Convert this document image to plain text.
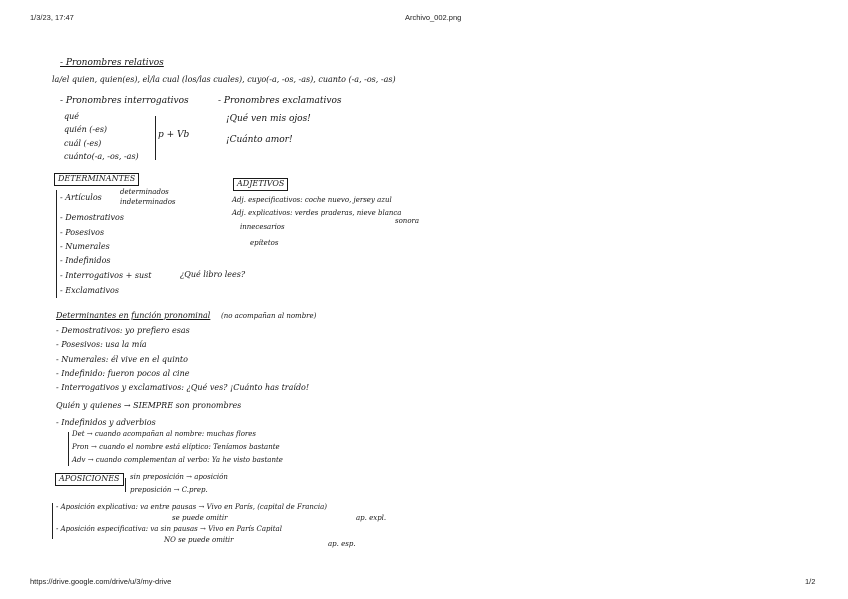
1/3/23, 17:47	Archivo_002.png
https://drive.google.com/drive/u/3/my-drive	1/2
- Pronombres relativos
la/el quien, quien(es), el/la cual (los/las cuales), cuyo(-a, -os, -as), cuanto (-a, -os, -as)
- Pronombres interrogativos
qué
quién (-es)
cuál (-es)
cuánto(-a, -os, -as)
p + Vb
- Pronombres exclamativos
¡Qué ven mis ojos!
¡Cuánto amor!
DETERMINANTES
- Artículos
determinados
indeterminados
- Demostrativos
- Posesivos
- Numerales
- Indefinidos
- Interrogativos + sust	¿Qué libro lees?
- Exclamativos
ADJETIVOS
Adj. especificativos: coche nuevo, jersey azul
Adj. explicativos: verdes praderas, nieve blanca
sonora
innecesarios
epítetos
Determinantes en función pronominal (no acompañan al nombre)
- Demostrativos: yo prefiero esas
- Posesivos: usa la mía
- Numerales: él vive en el quinto
- Indefinido: fueron pocos al cine
- Interrogativos y exclamativos: ¿Qué ves? ¡Cuánto has traído!
Quién y quienes → SIEMPRE son pronombres
- Indefinidos y adverbios
Det → cuando acompañan al nombre: muchas flores
Pron → cuando el nombre está elíptico: Teníamos bastante
Adv → cuando complementan al verbo: Ya he visto bastante
APOSICIONES	sin preposición → aposición
preposición → C.prep.
- Aposición explicativa: va entre pausas → Vivo en París, (capital de Francia)
se puede omitir	ap. expl.
- Aposición especificativa: va sin pausas → Vivo en París Capital
NO se puede omitir	ap. esp.
